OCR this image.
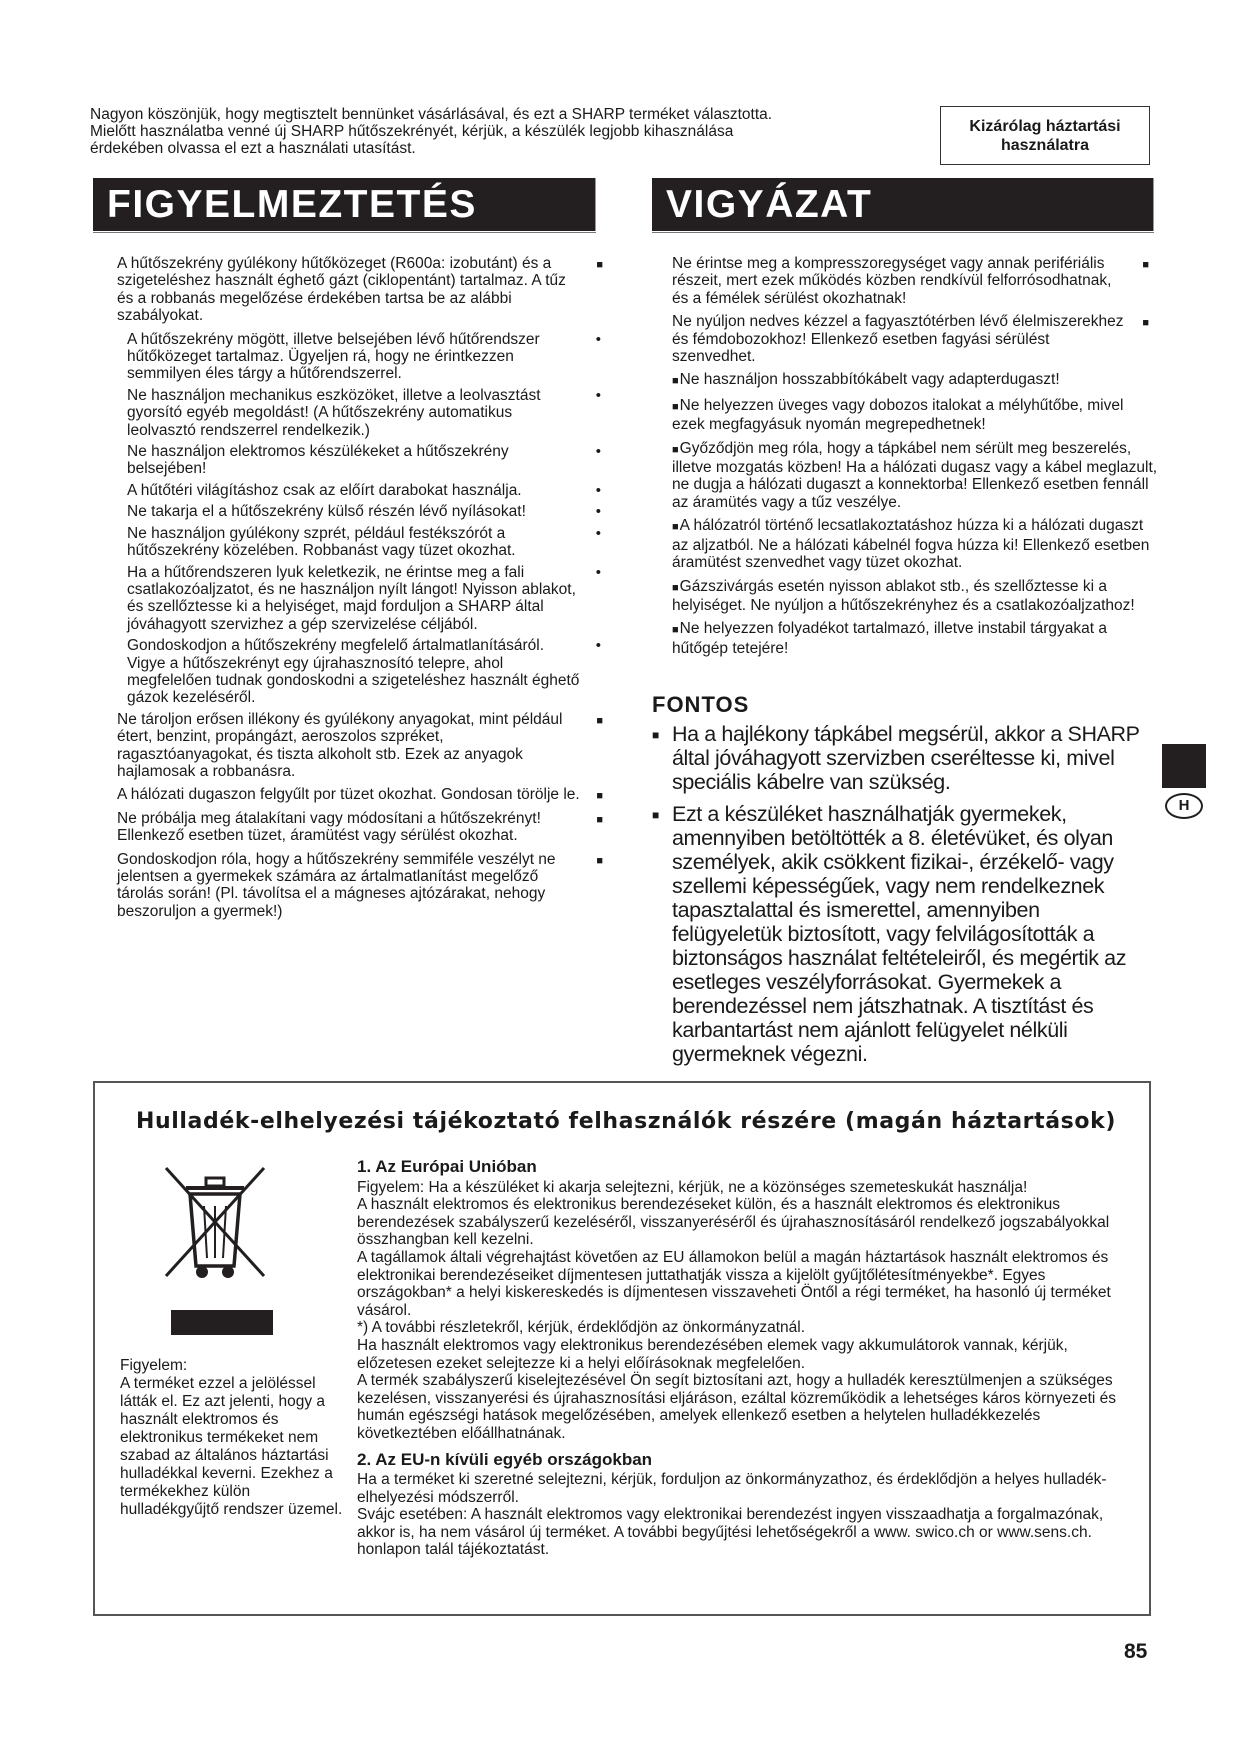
Nagyon köszönjük, hogy megtisztelt bennünket vásárlásával, és ezt a SHARP terméket választotta.

Mielőtt használatba venné új SHARP hűtőszekrényét, kérjük, a készülék legjobb kihasználása

érdekében olvassa el ezt a használati utasítást.

Kizárólag háztartási
használatra
FIGYELMEZTETÉS	VIGYÁZAT
A hűtőszekrény gyúlékony hűtőközeget (R600a: izobutánt) és a szigeteléshez használt éghető gázt (ciklopentánt) tartalmaz. A tűz és a robbanás megelőzése érdekében tartsa be az alábbi szabályokat.
■
A hűtőszekrény mögött, illetve belsejében lévő hűtőrendszer hűtőközeget tartalmaz. Ügyeljen rá, hogy ne érintkezzen semmilyen éles tárgy a hűtőrendszerrel.
•
Ne használjon mechanikus eszközöket, illetve a leolvasztást gyorsító egyéb megoldást! (A hűtőszekrény automatikus leolvasztó rendszerrel rendelkezik.)
•
Ne használjon elektromos készülékeket a hűtőszekrény belsejében!
•
A hűtőtéri világításhoz csak az előírt darabokat használja.	•
Ne takarja el a hűtőszekrény külső részén lévő nyílásokat!	•
Ne használjon gyúlékony szprét, például festékszórót a hűtőszekrény közelében. Robbanást vagy tüzet okozhat.
•
Ha a hűtőrendszeren lyuk keletkezik, ne érintse meg a fali csatlakozóaljzatot, és ne használjon nyílt lángot! Nyisson ablakot, és szellőztesse ki a helyiséget, majd forduljon a SHARP által jóváhagyott szervizhez a gép szervizelése céljából.
•
Gondoskodjon a hűtőszekrény megfelelő ártalmatlanításáról. Vigye a hűtőszekrényt egy újrahasznosító telepre, ahol megfelelően tudnak gondoskodni a szigeteléshez használt éghető gázok kezeléséről.
•
Ne tároljon erősen illékony és gyúlékony anyagokat, mint például étert, benzint, propángázt, aeroszolos szpréket, ragasztóanyagokat, és tiszta alkoholt stb. Ezek az anyagok hajlamosak a robbanásra.
■
A hálózati dugaszon felgyűlt por tüzet okozhat. Gondosan törölje le. ■
Ne próbálja meg átalakítani vagy módosítani a hűtőszekrényt! Ellenkező esetben tüzet, áramütést vagy sérülést okozhat.
■
Gondoskodjon róla, hogy a hűtőszekrény semmiféle veszélyt ne jelentsen a gyermekek számára az ártalmatlanítást megelőző tárolás során! (Pl. távolítsa el a mágneses ajtózárakat, nehogy beszoruljon a gyermek!)
■
Ne érintse meg a kompresszoregységet vagy annak perifériális részeit, mert ezek működés közben rendkívül felforrósodhatnak, és a fémélek sérülést okozhatnak!
■
Ne nyúljon nedves kézzel a fagyasztótérben lévő élelmiszerekhez és fémdobozokhoz! Ellenkező esetben fagyási sérülést szenvedhet.
■
■Ne használjon hosszabbítókábelt vagy adapterdugaszt!
■Ne helyezzen üveges vagy dobozos italokat a mélyhűtőbe, mivel ezek megfagyásuk nyomán megrepedhetnek!
■Győződjön meg róla, hogy a tápkábel nem sérült meg beszerelés, illetve mozgatás közben! Ha a hálózati dugasz vagy a kábel meglazult, ne dugja a hálózati dugaszt a konnektorba! Ellenkező esetben fennáll az áramütés vagy a tűz veszélye.
■A hálózatról történő lecsatlakoztatáshoz húzza ki a hálózati dugaszt az aljzatból. Ne a hálózati kábelnél fogva húzza ki! Ellenkező esetben áramütést szenvedhet vagy tüzet okozhat.
■Gázszivárgás esetén nyisson ablakot stb., és szellőztesse ki a helyiséget. Ne nyúljon a hűtőszekrényhez és a csatlakozóaljzathoz!
■Ne helyezzen folyadékot tartalmazó, illetve instabil tárgyakat a hűtőgép tetejére!
FONTOS
■ Ha a hajlékony tápkábel megsérül, akkor a SHARP által jóváhagyott szervizben cseréltesse ki, mivel speciális kábelre van szükség.
■ Ezt a készüléket használhatják gyermekek, amennyiben betöltötték a 8. életévüket, és olyan személyek, akik csökkent fizikai-, érzékelő- vagy szellemi képességűek, vagy nem rendelkeznek tapasztalattal és ismerettel, amennyiben felügyeletük biztosított, vagy felvilágosították a biztonságos használat feltételeiről, és megértik az esetleges veszélyforrásokat. Gyermekek a berendezéssel nem játszhatnak. A tisztítást és karbantartást nem ajánlott felügyelet nélküli gyermeknek végezni.
H
Hulladék-elhelyezési tájékoztató felhasználók részére (magán háztartások)

Figyelem:

A terméket ezzel a jelöléssel látták el. Ez azt jelenti, hogy a használt elektromos és elektronikus termékeket nem szabad az általános háztartási hulladékkal keverni. Ezekhez a termékekhez külön hulladékgyűjtő rendszer üzemel.

1. Az Európai Unióban

Figyelem: Ha a készüléket ki akarja selejtezni, kérjük, ne a közönséges szemeteskukát használja!

A használt elektromos és elektronikus berendezéseket külön, és a használt elektromos és elektronikus berendezések szabályszerű kezeléséről, visszanyeréséről és újrahasznosításáról rendelkező jogszabályokkal összhangban kell kezelni.

A tagállamok általi végrehajtást követően az EU államokon belül a magán háztartások használt elektromos és elektronikai berendezéseiket díjmentesen juttathatják vissza a kijelölt gyűjtőlétesítményekbe*. Egyes országokban* a helyi kiskereskedés is díjmentesen visszaveheti Öntől a régi terméket, ha hasonló új terméket vásárol.

*) A további részletekről, kérjük, érdeklődjön az önkormányzatnál.

Ha használt elektromos vagy elektronikus berendezésében elemek vagy akkumulátorok vannak, kérjük, előzetesen ezeket selejtezze ki a helyi előírásoknak megfelelően.

A termék szabályszerű kiselejtezésével Ön segít biztosítani azt, hogy a hulladék keresztülmenjen a szükséges kezelésen, visszanyerési és újrahasznosítási eljáráson, ezáltal közreműködik a lehetséges káros környezeti és humán egészségi hatások megelőzésében, amelyek ellenkező esetben a helytelen hulladékkezelés következtében előállhatnának.

2. Az EU-n kívüli egyéb országokban

Ha a terméket ki szeretné selejtezni, kérjük, forduljon az önkormányzathoz, és érdeklődjön a helyes hulladék-elhelyezési módszerről.

Svájc esetében: A használt elektromos vagy elektronikai berendezést ingyen visszaadhatja a forgalmazónak, akkor is, ha nem vásárol új terméket. A további begyűjtési lehetőségekről a www. swico.ch or www.sens.ch. honlapon talál tájékoztatást.

85
